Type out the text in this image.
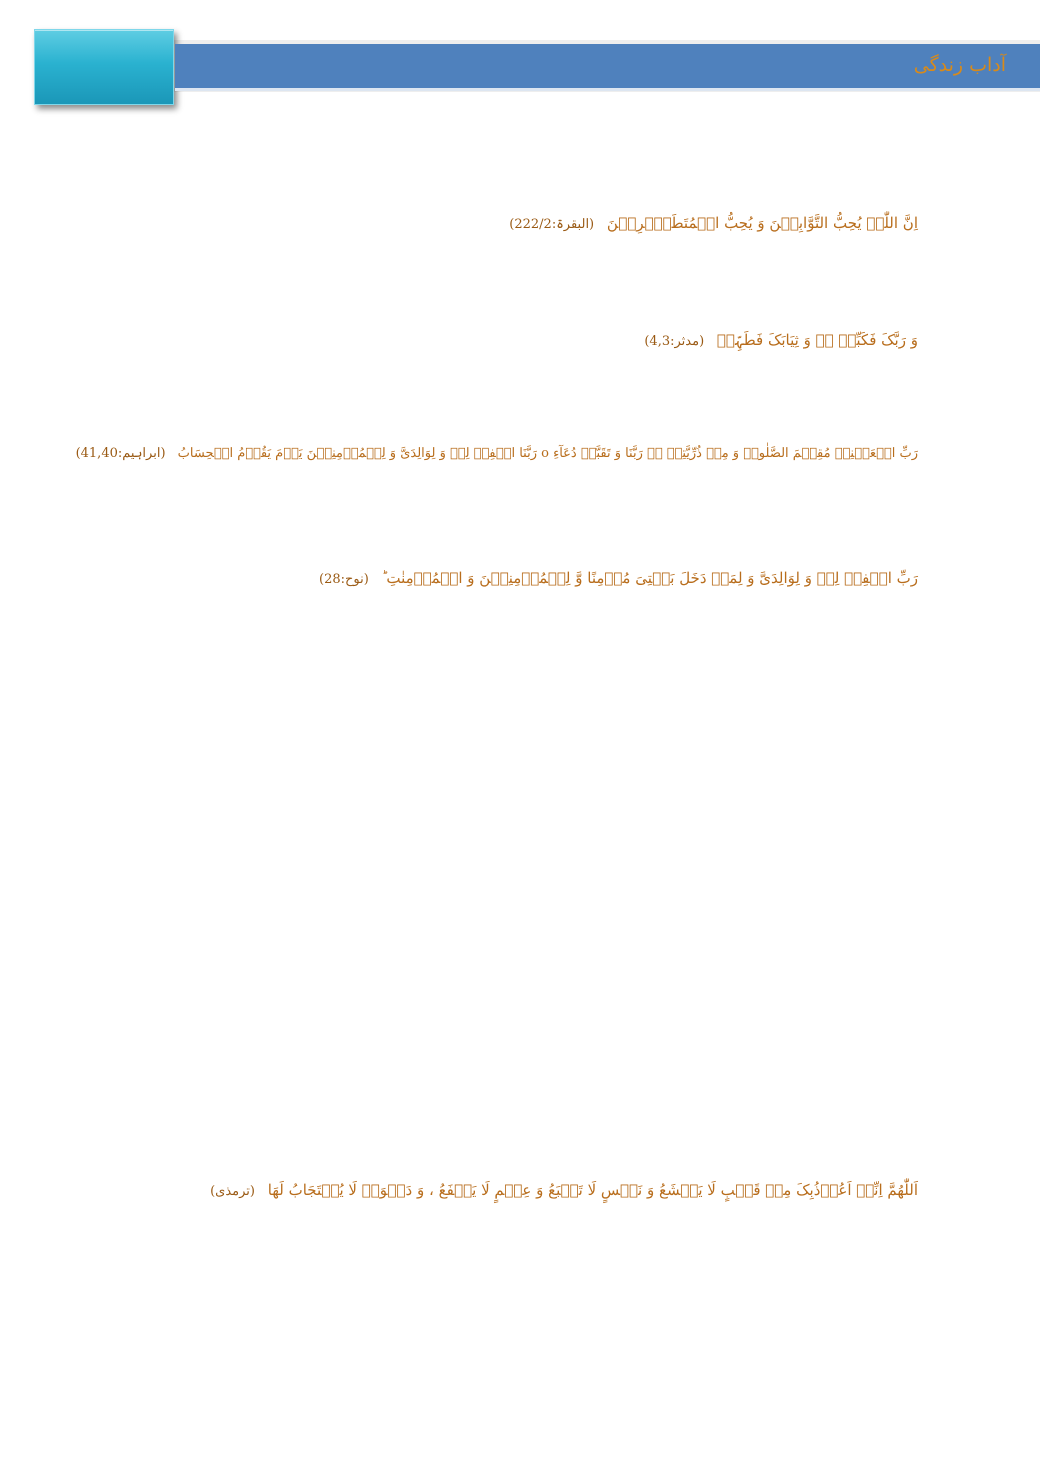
آداب زندگی
اِنَّ اللّٰہَ یُحِبُّ التَّوَّابِیۡنَ وَ یُحِبُّ الۡمُتَطَہِّرِیۡنَ (البقرۃ:222/2)
وَ رَبَّکَ فَکَبِّرۡ ۪ۙ وَ ثِیَابَکَ فَطَہِّرۡ (مدثر:4,3)
رَبِّ اجۡعَلۡنِیۡ مُقِیۡمَ الصَّلٰوۃِ وَ مِنۡ ذُرِّیَّتِیۡ ٭ۖ رَبَّنَا وَ تَقَبَّلۡ دُعَآءِ o رَبَّنَا اغۡفِرۡ لِیۡ وَ لِوَالِدَیَّ وَ لِلۡمُؤۡمِنِیۡنَ یَوۡمَ یَقُوۡمُ الۡحِسَابُ (ابراہیم:41,40)
رَبِّ اغۡفِرۡ لِیۡ وَ لِوَالِدَیَّ وَ لِمَنۡ دَخَلَ بَیۡتِیَ مُؤۡمِنًا وَّ لِلۡمُؤۡمِنِیۡنَ وَ الۡمُؤۡمِنٰتِ ؕ (نوح:28)
اَللّٰھُمَّ اِنِّیۡ اَعُوۡذُبِکَ مِنۡ قَلۡبٍ لَا یَخۡشَعُ وَ نَفۡسٍ لَا تَشۡبَعُ وَ عِلۡمٍ لَا یَنۡفَعُ ، وَ دَعۡوَۃٍ لَا یُسۡتَجَابُ لَھَا (ترمذی)
